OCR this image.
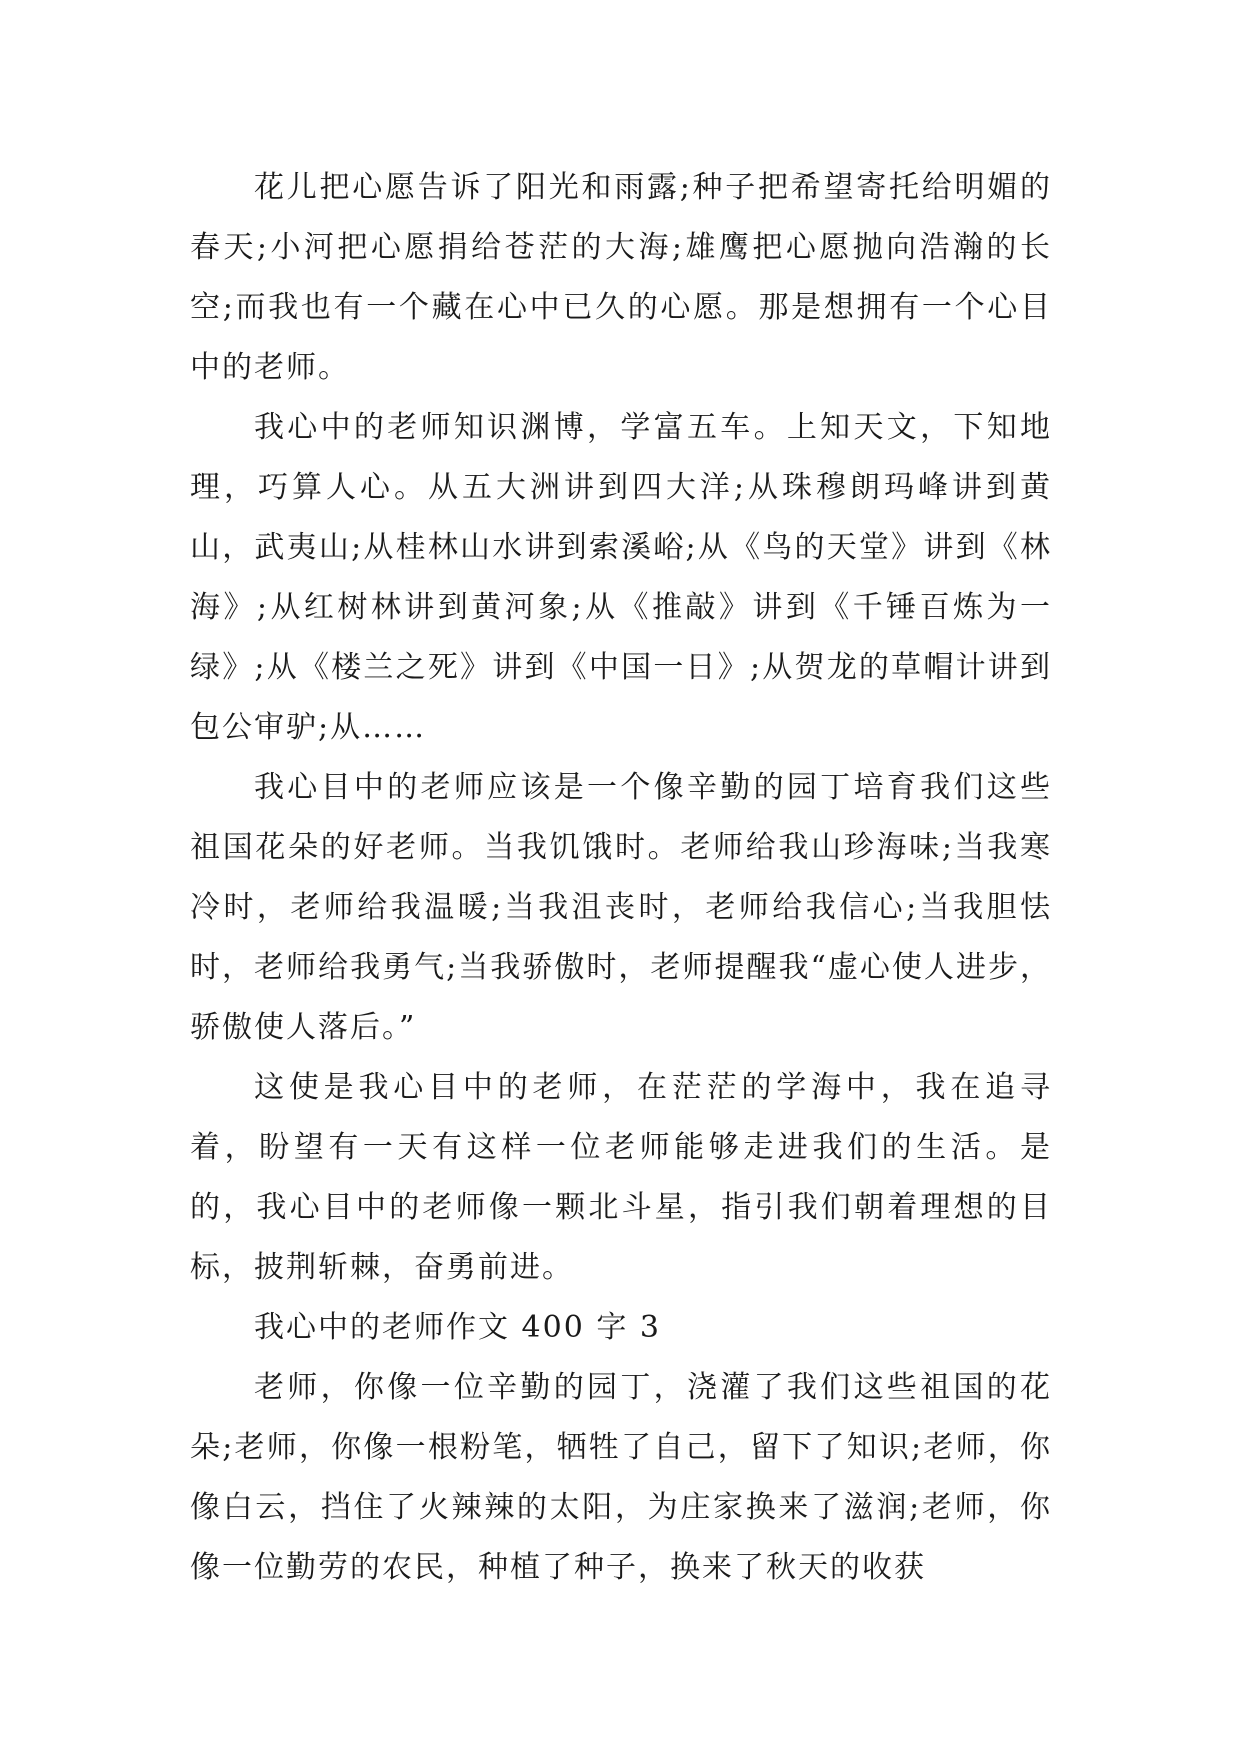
花儿把心愿告诉了阳光和雨露;种子把希望寄托给明媚的春天;小河把心愿捐给苍茫的大海;雄鹰把心愿抛向浩瀚的长空;而我也有一个藏在心中已久的心愿。那是想拥有一个心目中的老师。

我心中的老师知识渊博，学富五车。上知天文，下知地理，巧算人心。从五大洲讲到四大洋;从珠穆朗玛峰讲到黄山，武夷山;从桂林山水讲到索溪峪;从《鸟的天堂》讲到《林海》;从红树林讲到黄河象;从《推敲》讲到《千锤百炼为一绿》;从《楼兰之死》讲到《中国一日》;从贺龙的草帽计讲到包公审驴;从……

我心目中的老师应该是一个像辛勤的园丁培育我们这些祖国花朵的好老师。当我饥饿时。老师给我山珍海味;当我寒冷时，老师给我温暖;当我沮丧时，老师给我信心;当我胆怯时，老师给我勇气;当我骄傲时，老师提醒我“虚心使人进步，骄傲使人落后。”

这使是我心目中的老师，在茫茫的学海中，我在追寻着，盼望有一天有这样一位老师能够走进我们的生活。是的，我心目中的老师像一颗北斗星，指引我们朝着理想的目标，披荆斩棘，奋勇前进。

我心中的老师作文 400 字 3

老师，你像一位辛勤的园丁，浇灌了我们这些祖国的花朵;老师，你像一根粉笔，牺牲了自己，留下了知识;老师，你像白云，挡住了火辣辣的太阳，为庄家换来了滋润;老师，你像一位勤劳的农民，种植了种子，换来了秋天的收获
